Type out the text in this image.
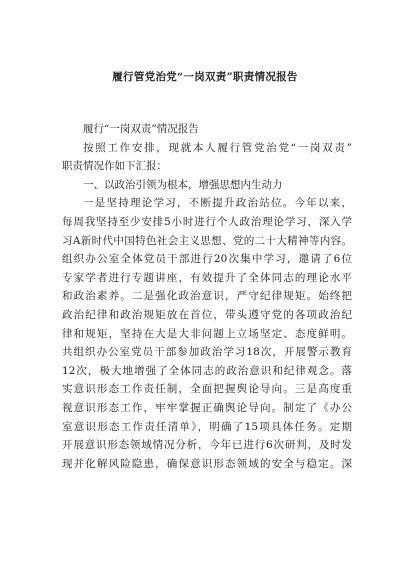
履行管党治党“一岗双责”职责情况报告
履行“一岗双责”情况报告
按照工作安排，现就本人履行管党治党“一岗双责”
职责情况作如下汇报：
一、以政治引领为根本，增强思想内生动力
一是坚持理论学习，不断提升政治站位。今年以来，
每周我坚持至少安排5小时进行个人政治理论学习，深入学
习A新时代中国特色社会主义思想、党的二十大精神等内容。
组织办公室全体党员干部进行20次集中学习，邀请了6位
专家学者进行专题讲座，有效提升了全体同志的理论水平
和政治素养。二是强化政治意识，严守纪律规矩。始终把
政治纪律和政治规矩放在首位，带头遵守党的各项政治纪
律和规矩，坚持在大是大非问题上立场坚定、态度鲜明。
共组织办公室党员干部参加政治学习18次，开展警示教育
12次，极大地增强了全体同志的政治意识和纪律观念。落
实意识形态工作责任制，全面把握舆论导向。三是高度重
视意识形态工作，牢牢掌握正确舆论导向。制定了《办公
室意识形态工作责任清单》，明确了15项具体任务。定期
开展意识形态领域情况分析，今年已进行6次研判，及时发
现并化解风险隐患，确保意识形态领域的安全与稳定。深
